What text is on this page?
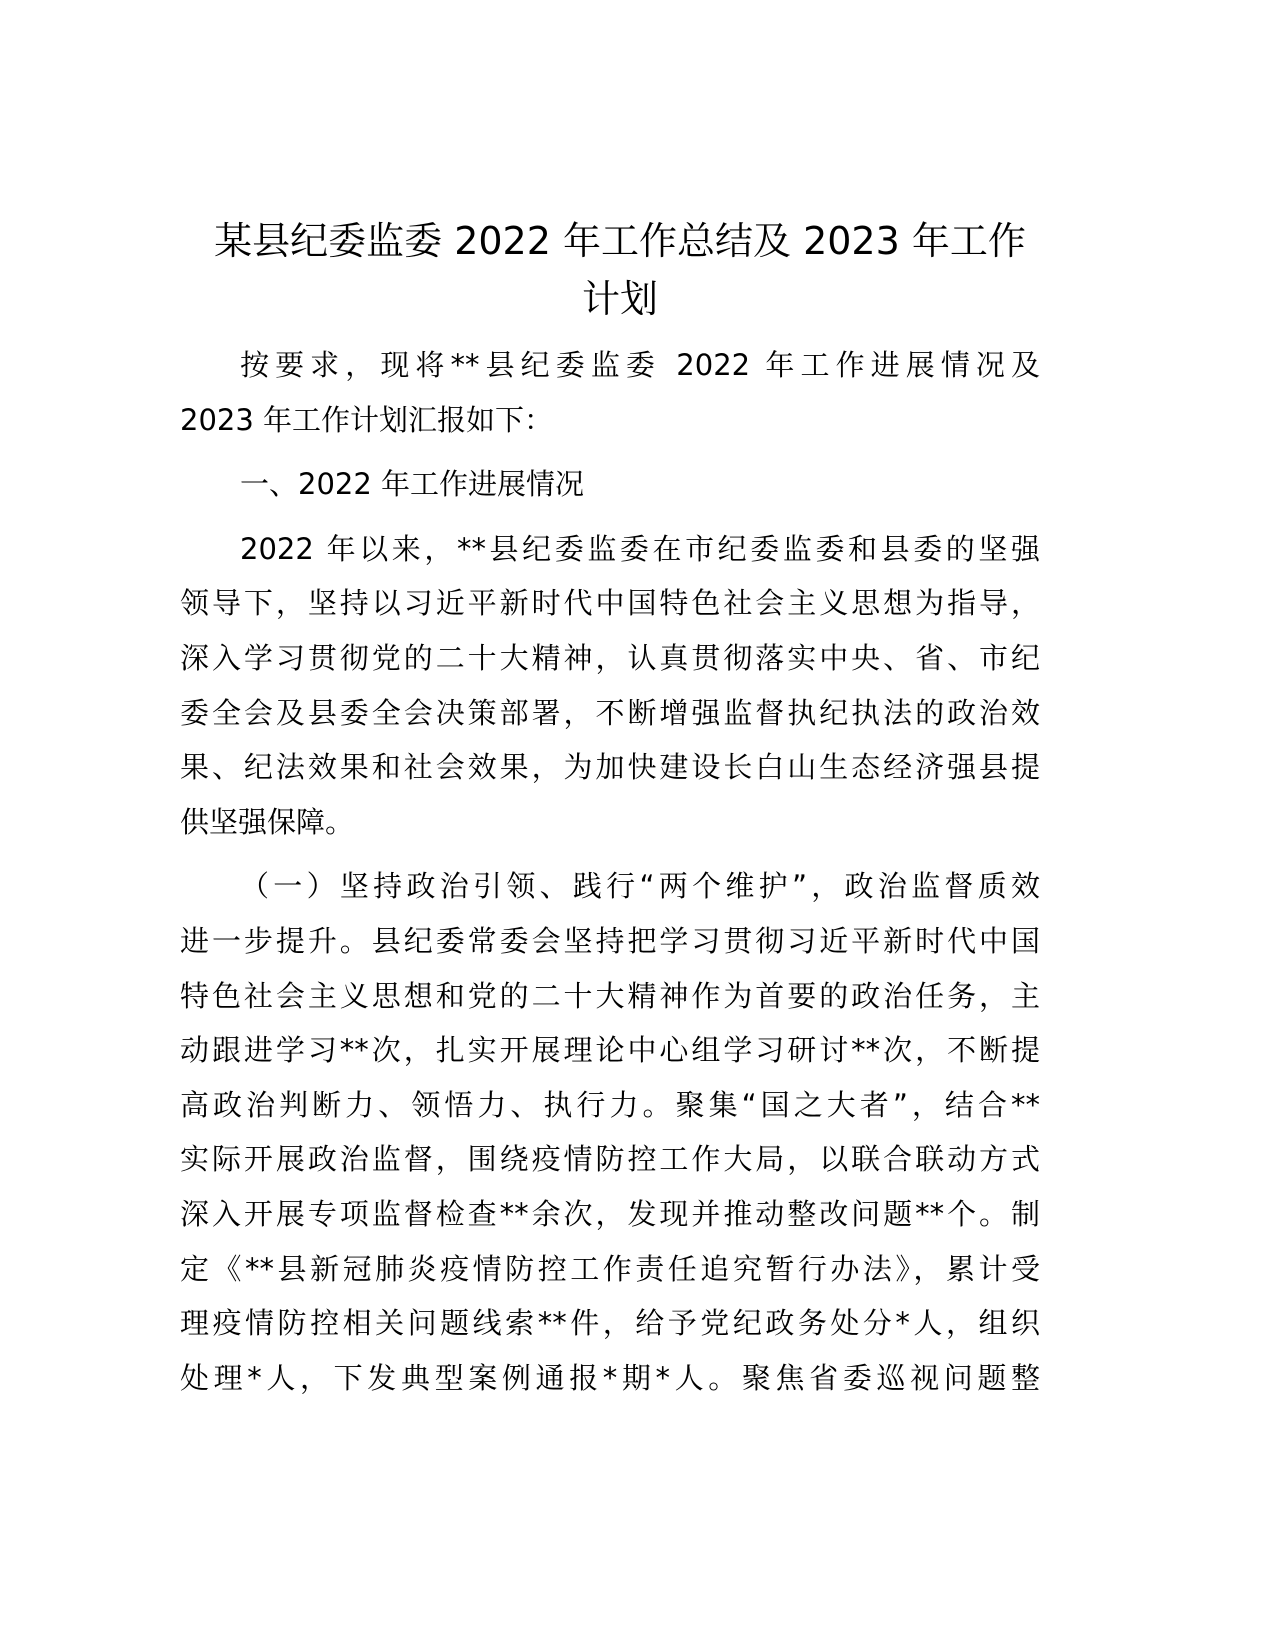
某县纪委监委 2022 年工作总结及 2023 年工作
计划
按要求，现将**县纪委监委 2022 年工作进展情况及
2023 年工作计划汇报如下：
一、2022 年工作进展情况
2022 年以来，**县纪委监委在市纪委监委和县委的坚强
领导下，坚持以习近平新时代中国特色社会主义思想为指导，
深入学习贯彻党的二十大精神，认真贯彻落实中央、省、市纪
委全会及县委全会决策部署，不断增强监督执纪执法的政治效
果、纪法效果和社会效果，为加快建设长白山生态经济强县提
供坚强保障。
（一）坚持政治引领、践行“两个维护”，政治监督质效
进一步提升。县纪委常委会坚持把学习贯彻习近平新时代中国
特色社会主义思想和党的二十大精神作为首要的政治任务，主
动跟进学习**次，扎实开展理论中心组学习研讨**次，不断提
高政治判断力、领悟力、执行力。聚集“国之大者”，结合**
实际开展政治监督，围绕疫情防控工作大局，以联合联动方式
深入开展专项监督检查**余次，发现并推动整改问题**个。制
定《**县新冠肺炎疫情防控工作责任追究暂行办法》，累计受
理疫情防控相关问题线索**件，给予党纪政务处分*人，组织
处理*人，下发典型案例通报*期*人。聚焦省委巡视问题整
